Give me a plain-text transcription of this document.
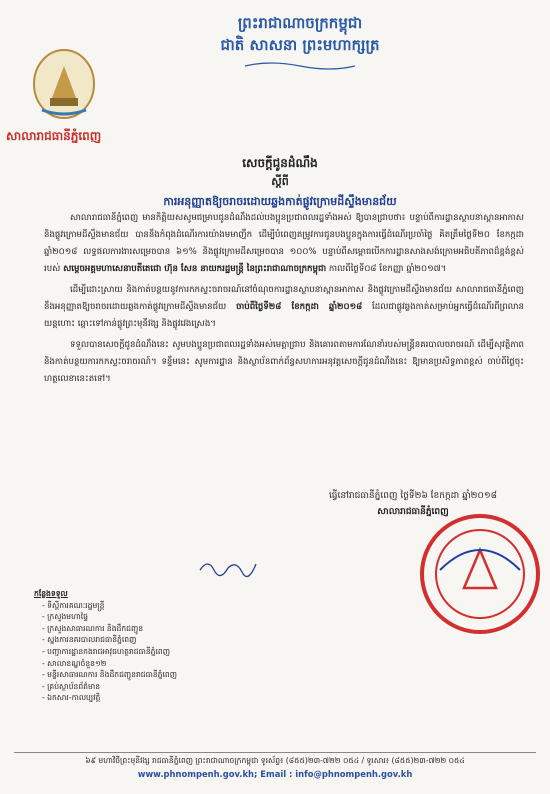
ព្រះរាជាណាចក្រកម្ពុជា
ជាតិ សាសនា ព្រះមហាក្សត្រ
សាលារាជធានីភ្នំពេញ
សេចក្តីជូនដំណឹង
ស្តីពី
ការអនុញ្ញាតឱ្យចរាចរដោយឆ្លងកាត់ផ្លូវក្រោមដីស្ទឹងមានជ័យ

សាលារាជធានីភ្នំពេញ មានកិត្តិយសសូមជម្រាបជូនដំណឹងដល់បងប្អូនប្រជាពលរដ្ឋទាំងអស់ ឱ្យបានជ្រាបថា៖ បន្ទាប់ពីការដ្ឋានស្ថាបនាស្ពានអាកាស និងផ្លូវក្រោមដីស្ទឹងមានជ័យ បាននឹងកំពុងដំណើរការយ៉ាងមមាញឹក ដើម្បីបំពេញតម្រូវការជូនបងប្អូនក្នុងការធ្វើដំណើរប្រចាំថ្ងៃ គិតត្រឹមថ្ងៃទី២០ ខែកក្កដា ឆ្នាំ២០១៨ លទ្ធផលការងារសម្រេចបាន ៦១% និងផ្លូវក្រោមដីសម្រេចបាន ១០០% បន្ទាប់ពីសម្ពោធបើកការដ្ឋានសាងសង់ក្រោមអធិបតីភាពដ៏ខ្ពង់ខ្ពស់របស់ សម្តេចអគ្គមហាសេនាបតីតេជោ ហ៊ុន សែន នាយករដ្ឋមន្ត្រី នៃព្រះរាជាណាចក្រកម្ពុជា កាលពីថ្ងៃទី០៨ ខែកញ្ញា ឆ្នាំ២០១៧។

ដើម្បីដោះស្រាយ និងកាត់បន្ថយនូវការកកស្ទះចរាចរណ៍នៅចំណុចការដ្ឋានស្ថាបនាស្ពានអាកាស និងផ្លូវក្រោមដីស្ទឹងមានជ័យ សាលារាជធានីភ្នំពេញ នឹងអនុញ្ញាតឱ្យចរាចរដោយឆ្លងកាត់ផ្លូវក្រោមដីស្ទឹងមានជ័យ ចាប់ពីថ្ងៃទី២៨ ខែកក្កដា ឆ្នាំ២០១៨ ដែលជាផ្លូវឆ្លងកាត់សម្រាប់អ្នកធ្វើដំណើរពីព្រលានយន្តហោះ ឆ្ពោះទៅកាន់ផ្លូវព្រះមុនីវង្ស និងផ្លូវវេងស្រេង។

ទទួលបានសេចក្តីជូនដំណឹងនេះ សូមបងប្អូនប្រជាពលរដ្ឋទាំងអស់មេត្តាជ្រាប និងគោរពតាមការណែនាំរបស់មន្ត្រីនគរបាលចរាចរណ៍ ដើម្បីសុវត្ថិភាព និងកាត់បន្ថយការកកស្ទះចរាចរណ៍។ ទន្ទឹមនេះ សូមការដ្ឋាន និងស្ថាប័នពាក់ព័ន្ធសហការអនុវត្តសេចក្តីជូនដំណឹងនេះ ឱ្យមានប្រសិទ្ធភាពខ្ពស់ ចាប់ពីថ្ងៃចុះហត្ថលេខានេះតទៅ។

ធ្វើនៅរាជធានីភ្នំពេញ ថ្ងៃទី២៦ ខែកក្កដា ឆ្នាំ២០១៨
សាលារាជធានីភ្នំពេញ
កន្លែងទទួល
- ទីស្តីការគណៈរដ្ឋមន្ត្រី
- ក្រសួងមហាផ្ទៃ
- ក្រសួងសាធារណការ និងដឹកជញ្ជូន
- ស្នងការនគរបាលរាជធានីភ្នំពេញ
- បញ្ជាការដ្ឋានកងរាជអាវុធហត្ថរាជធានីភ្នំពេញ
- សាលាខណ្ឌចំនួន១២
- មន្ទីរសាធារណការ និងដឹកជញ្ជូនរាជធានីភ្នំពេញ
- គ្រប់ស្ថាប័នព័ត៌មាន
- ឯកសារ-កាលប្បវត្តិ
៦៩ មហាវិថីព្រះមុនីវង្ស រាជធានីភ្នំពេញ ព្រះរាជាណាចក្រកម្ពុជា ទូរស័ព្ទ៖ (៨៥៥)២៣-៧២២ ០៥៤ / ទូរសារ៖ (៨៥៥)២៣-៧២២ ០៥៤
www.phnompenh.gov.kh; Email : info@phnompenh.gov.kh
